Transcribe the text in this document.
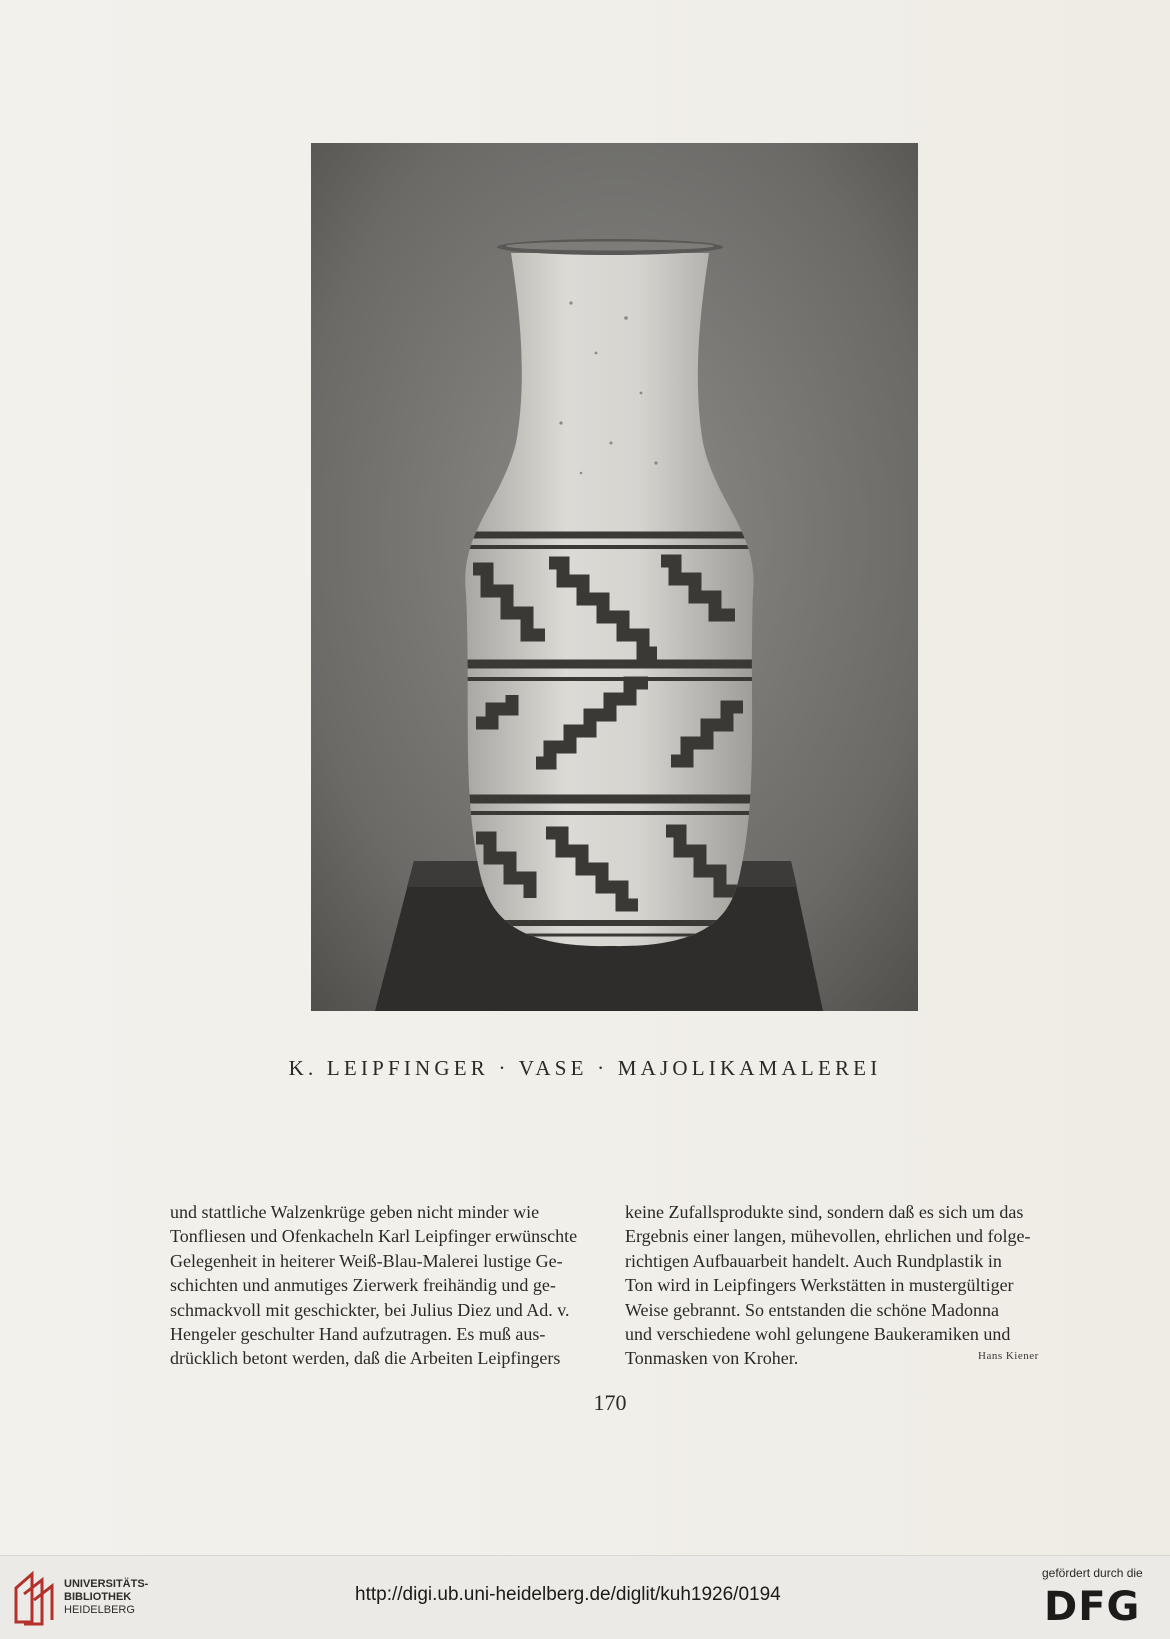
K. LEIPFINGER · VASE · MAJOLIKAMALEREI

und stattliche Walzenkrüge geben nicht minder wie

Tonfliesen und Ofenkacheln Karl Leipfinger erwünschte

Gelegenheit in heiterer Weiß-Blau-Malerei lustige Ge-

schichten und anmutiges Zierwerk freihändig und ge-

schmackvoll mit geschickter, bei Julius Diez und Ad. v.

Hengeler geschulter Hand aufzutragen. Es muß aus-

drücklich betont werden, daß die Arbeiten Leipfingers

keine Zufallsprodukte sind, sondern daß es sich um das

Ergebnis einer langen, mühevollen, ehrlichen und folge-

richtigen Aufbauarbeit handelt. Auch Rundplastik in

Ton wird in Leipfingers Werkstätten in mustergültiger

Weise gebrannt. So entstanden die schöne Madonna

und verschiedene wohl gelungene Baukeramiken und

Tonmasken von Kroher.	Hans Kiener
170
UNIVERSITÄTS-
BIBLIOTHEK
HEIDELBERG
http://digi.ub.uni-heidelberg.de/diglit/kuh1926/0194
gefördert durch die
DFG
